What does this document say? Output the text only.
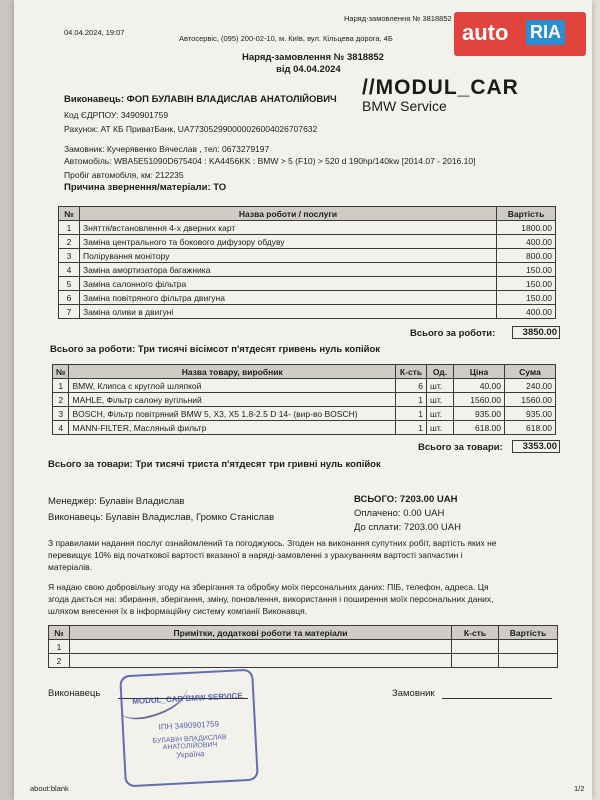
04.04.2024, 19:07
Наряд-замовлення № 3818852
Автосервіс, (095) 200-02-10, м. Київ, вул. Кільцева дорога, 4Б
Наряд-замовлення № 3818852
від 04.04.2024
//MODUL_CAR
BMW Service
Виконавець: ФОП БУЛАВІН ВЛАДИСЛАВ АНАТОЛІЙОВИЧ
Код ЄДРПОУ: 3490901759
Рахунок: АТ КБ ПриватБанк, UA773052990000026004026707632
Замовник: Кучерявенко Вячеслав , тел: 0673279197
Автомобіль: WBA5E51090D675404 : KA4456KK : BMW > 5 (F10) > 520 d 190hp/140kw [2014.07 - 2016.10]
Пробіг автомобіля, км: 212235
Причина звернення/матеріали: ТО
№	Назва роботи / послуги	Вартість
1	Зняття/встановлення 4-х дверних карт	1800.00
2	Заміна центрального та бокового дифузору обдуву	400.00
3	Полірування монітору	800.00
4	Заміна амортизатора багажника	150.00
5	Заміна салонного фільтра	150.00
6	Заміна повітряного фільтра двигуна	150.00
7	Заміна оливи в двигуні	400.00
Всього за роботи:	3850.00
Всього за роботи: Три тисячі вісімсот п'ятдесят гривень нуль копійок
№	Назва товару, виробник	К-сть	Од.	Ціна	Сума
1	BMW, Клипса с круглой шляпкой	6	шт.	40.00	240.00
2	MAHLE, Фільтр салону вугільний	1	шт.	1560.00	1560.00
3	BOSCH, Фільтр повітряний BMW 5, X3, X5 1.8-2.5 D 14- (вир-во BOSCH)	1	шт.	935.00	935.00
4	MANN-FILTER, Масляный фильтр	1	шт.	618.00	618.00
Всього за товари:	3353.00
Всього за товари: Три тисячі триста п'ятдесят три гривні нуль копійок
Менеджер: Булавін Владислав
Виконавець: Булавін Владислав, Громко Станіслав
ВСЬОГО: 7203.00 UAH
Оплачено: 0.00 UAH
До сплати: 7203.00 UAH
З правилами надання послуг ознайомлений та погоджуюсь. Згоден на виконання супутних робіт, вартість яких не
перевищує 10% від початкової вартості вказаної в наряді-замовленні з урахуванням вартості запчастин і
матеріалів.
Я надаю свою добровільну згоду на зберігання та обробку моїх персональних даних: ПІБ, телефон, адреса. Ця
згода дається на: збирання, зберігання, зміну, поновлення, використання і поширення моїх персональних даних,
шляхом внесення їх в інформаційну систему компанії Виконавця.
№	Примітки, додаткові роботи та матеріали	К-сть	Вартість
1			
2			
Виконавець	Замовник
MODUL_CAR BMW SERVICE
ІПН 3490901759
БУЛАВІН ВЛАДИСЛАВ АНАТОЛІЙОВИЧ
Україна
about:blank	1/2
auto RIA
